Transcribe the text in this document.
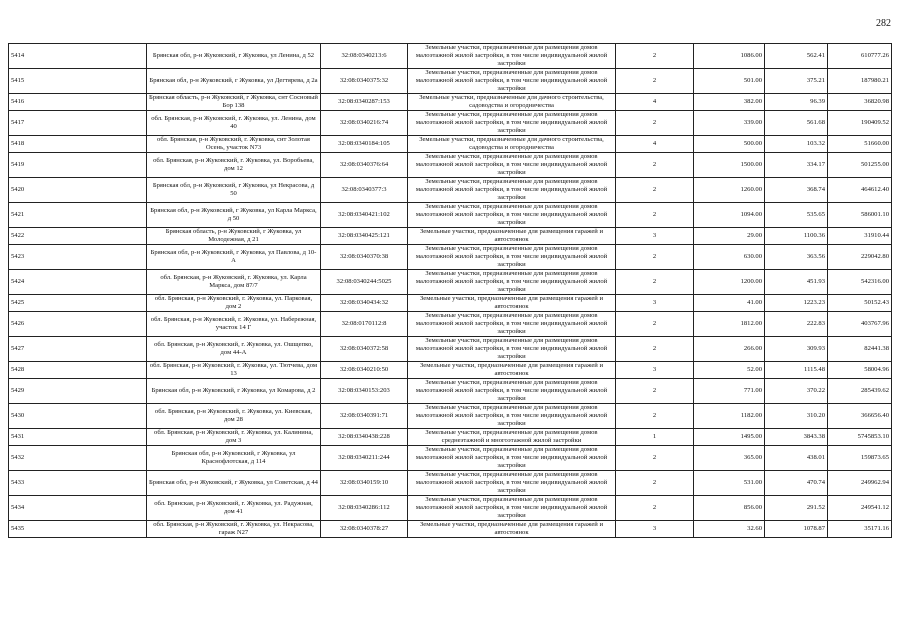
282
5414	Брянская обл, р-н Жуковский, г Жуковка, ул Ленина, д 52	32:08:0340213:6	Земельные участки, предназначенные для размещения домов малоэтажной жилой застройки, в том числе индивидуальной жилой застройки	2	1086.00	562.41	610777.26
5415	Брянская обл, р-н Жуковский, г Жуковка, ул Дегтярева, д 2а	32:08:0340375:32	Земельные участки, предназначенные для размещения домов малоэтажной жилой застройки, в том числе индивидуальной жилой застройки	2	501.00	375.21	187980.21
5416	Брянская область, р-н Жуковский, г Жуковка, снт Сосновый Бор 138	32:08:0340287:153	Земельные участки, предназначенные для дачного строительства, садоводства и огородничества	4	382.00	96.39	36820.98
5417	обл. Брянская, р-н Жуковский, г. Жуковка, ул. Ленина, дом 40	32:08:0340216:74	Земельные участки, предназначенные для размещения домов малоэтажной жилой застройки, в том числе индивидуальной жилой застройки	2	339.00	561.68	190409.52
5418	обл. Брянская, р-н Жуковский, г. Жуковка, снт Золотая Осень, участок N73	32:08:0340184:105	Земельные участки, предназначенные для дачного строительства, садоводства и огородничества	4	500.00	103.32	51660.00
5419	обл. Брянская, р-н Жуковский, г. Жуковка, ул. Воробьева, дом 12	32:08:0340376:64	Земельные участки, предназначенные для размещения домов малоэтажной жилой застройки, в том числе индивидуальной жилой застройки	2	1500.00	334.17	501255.00
5420	Брянская обл, р-н Жуковский, г Жуковка, ул Некрасова, д 50	32:08:0340377:3	Земельные участки, предназначенные для размещения домов малоэтажной жилой застройки, в том числе индивидуальной жилой застройки	2	1260.00	368.74	464612.40
5421	Брянская обл, р-н Жуковский, г Жуковка, ул Карла Маркса, д 50	32:08:0340421:102	Земельные участки, предназначенные для размещения домов малоэтажной жилой застройки, в том числе индивидуальной жилой застройки	2	1094.00	535.65	586001.10
5422	Брянская область, р-н Жуковский, г Жуковка, ул Молодежная, д 21	32:08:0340425:121	Земельные участки, предназначенные для размещения гаражей и автостоянок	3	29.00	1100.36	31910.44
5423	Брянская обл, р-н Жуковский, г Жуковка, ул Павлова, д 10-А	32:08:0340370:38	Земельные участки, предназначенные для размещения домов малоэтажной жилой застройки, в том числе индивидуальной жилой застройки	2	630.00	363.56	229042.80
5424	обл. Брянская, р-н Жуковский, г. Жуковка, ул. Карла Маркса, дом 87/7	32:08:0340244:5025	Земельные участки, предназначенные для размещения домов малоэтажной жилой застройки, в том числе индивидуальной жилой застройки	2	1200.00	451.93	542316.00
5425	обл. Брянская, р-н Жуковский, г. Жуковка, ул. Парковая, дом 2	32:08:0340434:32	Земельные участки, предназначенные для размещения гаражей и автостоянок	3	41.00	1223.23	50152.43
5426	обл. Брянская, р-н Жуковский, г. Жуковка, ул. Набережная, участок 14 Г	32:08:0170112:8	Земельные участки, предназначенные для размещения домов малоэтажной жилой застройки, в том числе индивидуальной жилой застройки	2	1812.00	222.83	403767.96
5427	обл. Брянская, р-н Жуковский, г. Жуковка, ул. Ошщепко, дом 44-А	32:08:0340372:58	Земельные участки, предназначенные для размещения домов малоэтажной жилой застройки, в том числе индивидуальной жилой застройки	2	266.00	309.93	82441.38
5428	обл. Брянская, р-н Жуковский, г. Жуковка, ул. Тютчева, дом 13	32:08:0340210:50	Земельные участки, предназначенные для размещения гаражей и автостоянок	3	52.00	1115.48	58004.96
5429	Брянская обл, р-н Жуковский, г Жуковка, ул Комарова, д 2	32:08:0340153:203	Земельные участки, предназначенные для размещения домов малоэтажной жилой застройки, в том числе индивидуальной жилой застройки	2	771.00	370.22	285439.62
5430	обл. Брянская, р-н Жуковский, г. Жуковка, ул. Киевская, дом 28	32:08:0340391:71	Земельные участки, предназначенные для размещения домов малоэтажной жилой застройки, в том числе индивидуальной жилой застройки	2	1182.00	310.20	366656.40
5431	обл. Брянская, р-н Жуковский, г. Жуковка, ул. Калинина, дом 3	32:08:0340438:228	Земельные участки, предназначенные для размещения домов среднеэтажной и многоэтажной жилой застройки	1	1495.00	3843.38	5745853.10
5432	Брянская обл, р-н Жуковский, г Жуковка, ул Краснофлотская, д 114	32:08:0340211:244	Земельные участки, предназначенные для размещения домов малоэтажной жилой застройки, в том числе индивидуальной жилой застройки	2	365.00	438.01	159873.65
5433	Брянская обл, р-н Жуковский, г Жуковка, ул Советская, д 44	32:08:0340159:10	Земельные участки, предназначенные для размещения домов малоэтажной жилой застройки, в том числе индивидуальной жилой застройки	2	531.00	470.74	249962.94
5434	обл. Брянская, р-н Жуковский, г. Жуковка, ул. Радужная, дом 41	32:08:0340286:112	Земельные участки, предназначенные для размещения домов малоэтажной жилой застройки, в том числе индивидуальной жилой застройки	2	856.00	291.52	249541.12
5435	обл. Брянская, р-н Жуковский, г. Жуковка, ул. Некрасова, гараж N27	32:08:0340378:27	Земельные участки, предназначенные для размещения гаражей и автостоянок	3	32.60	1078.87	35171.16
